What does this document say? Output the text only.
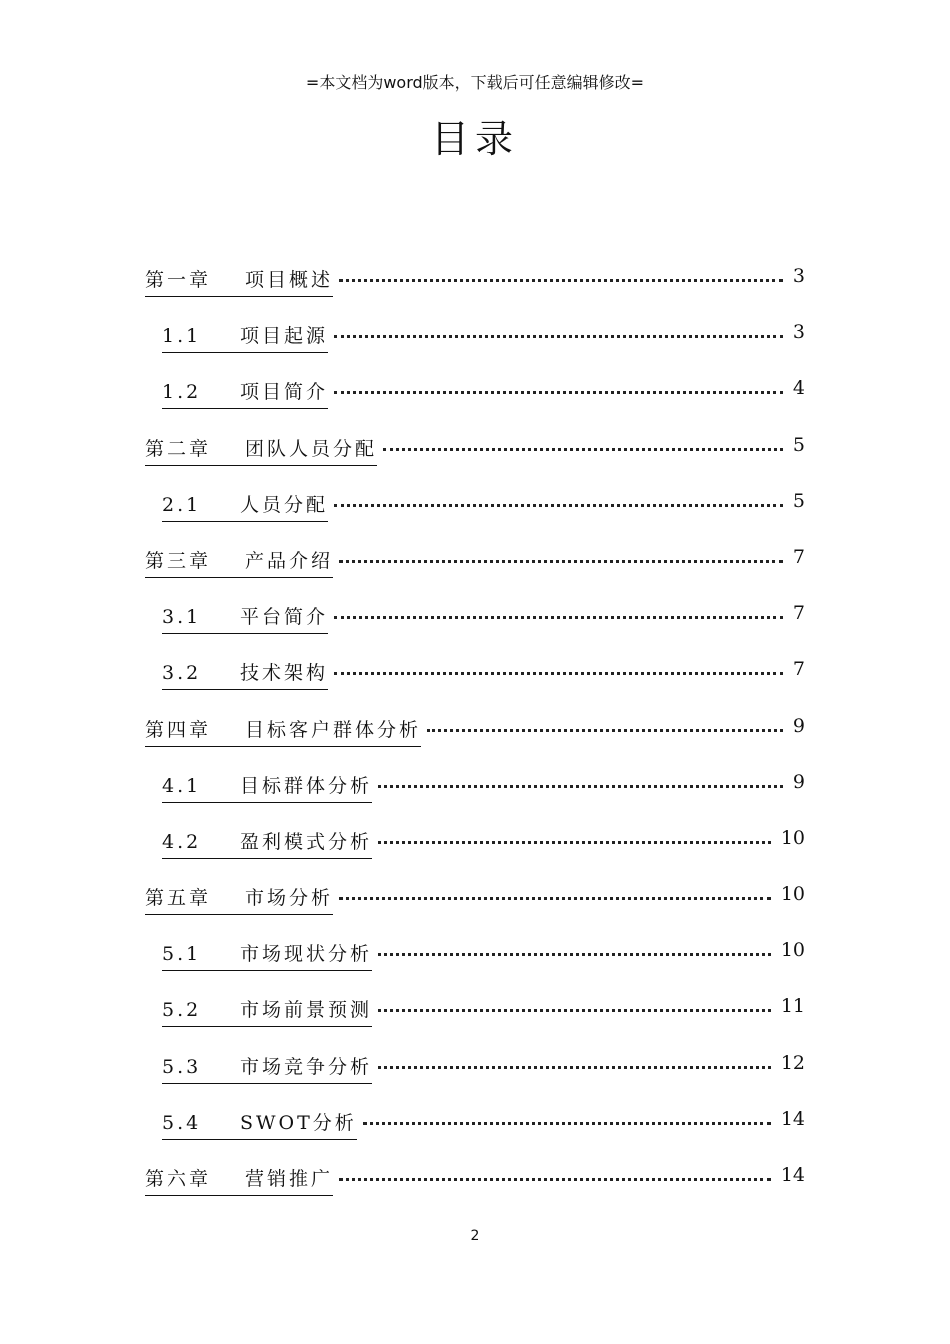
=本文档为word版本，下载后可任意编辑修改=
目录
第一章	项目概述	3
1.1	项目起源	3
1.2	项目简介	4
第二章	团队人员分配	5
2.1	人员分配	5
第三章	产品介绍	7
3.1	平台简介	7
3.2	技术架构	7
第四章	目标客户群体分析	9
4.1	目标群体分析	9
4.2	盈利模式分析	10
第五章	市场分析	10
5.1	市场现状分析	10
5.2	市场前景预测	11
5.3	市场竞争分析	12
5.4	SWOT分析	14
第六章	营销推广	14
2
